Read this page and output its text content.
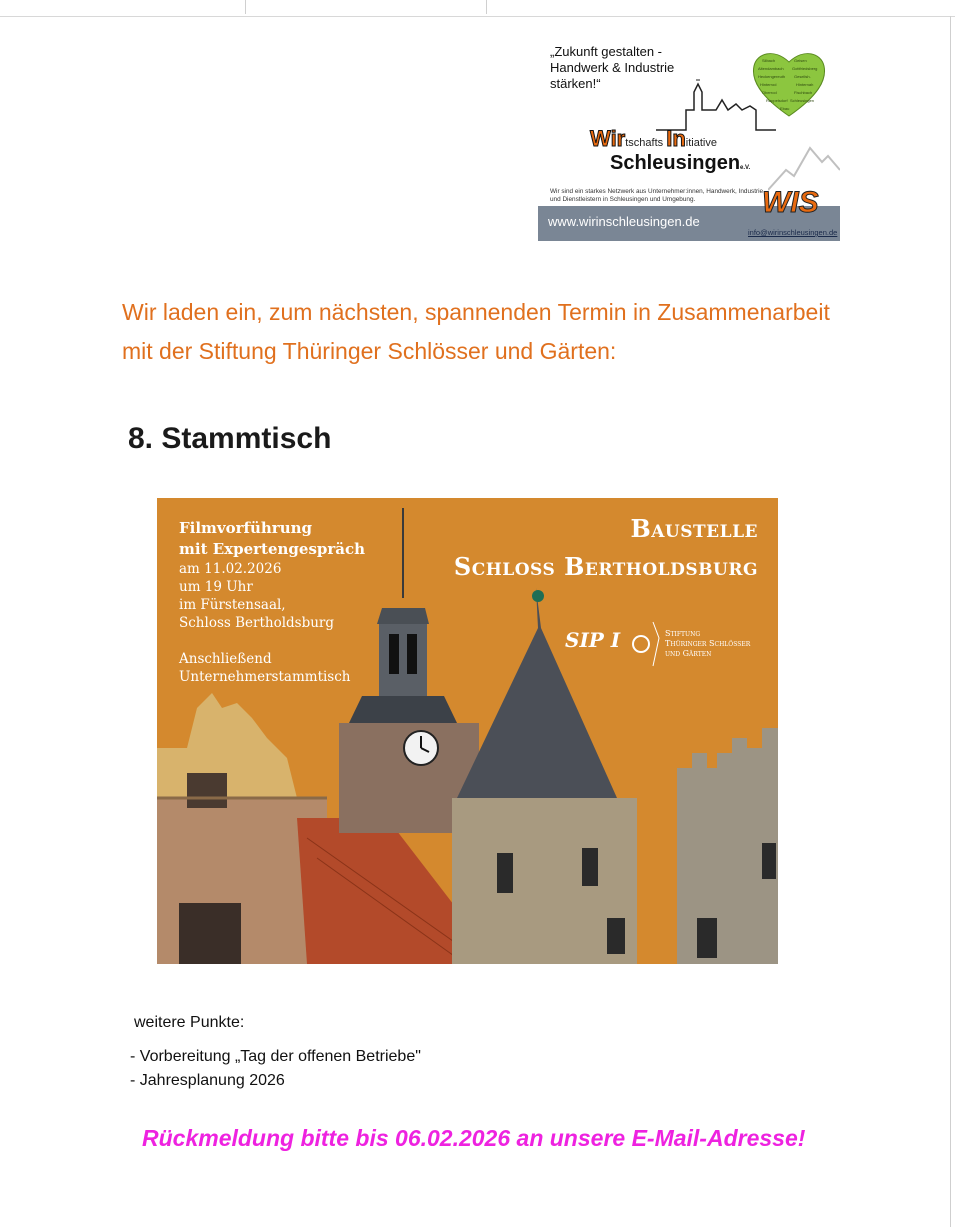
„Zukunft gestalten - Handwerk & Industrie stärken!“
Silbach	Geisen
Altendambach Gottfriedsberg
Heckengereuth Gesellsh.
Hinterrod	Hinternah
Oberrod	Fischbach
Rappelsdorf Schleusingen
Ebau
Wirtschafts Initiative
Schleusingene.V.
Wir sind ein starkes Netzwerk aus Unternehmer:innen, Handwerk, Industrie und Dienstleistern in Schleusingen und Umgebung.	WIS
www.wirinschleusingen.de
info@wirinschleusingen.de
Wir laden ein, zum nächsten, spannenden Termin in Zusammenarbeit mit der Stiftung Thüringer Schlösser und Gärten:
8. Stammtisch
Filmvorführung
mit Expertengespräch
am 11.02.2026
um 19 Uhr
im Fürstensaal,
Schloss Bertholdsburg
Anschließend
Unternehmerstammtisch
Baustelle
Schloss Bertholdsburg
SIP I	Stiftung
Thüringer Schlösser
und Gärten
weitere Punkte:
- Vorbereitung „Tag der offenen Betriebe"
- Jahresplanung 2026
Rückmeldung bitte bis 06.02.2026 an unsere E-Mail-Adresse!
